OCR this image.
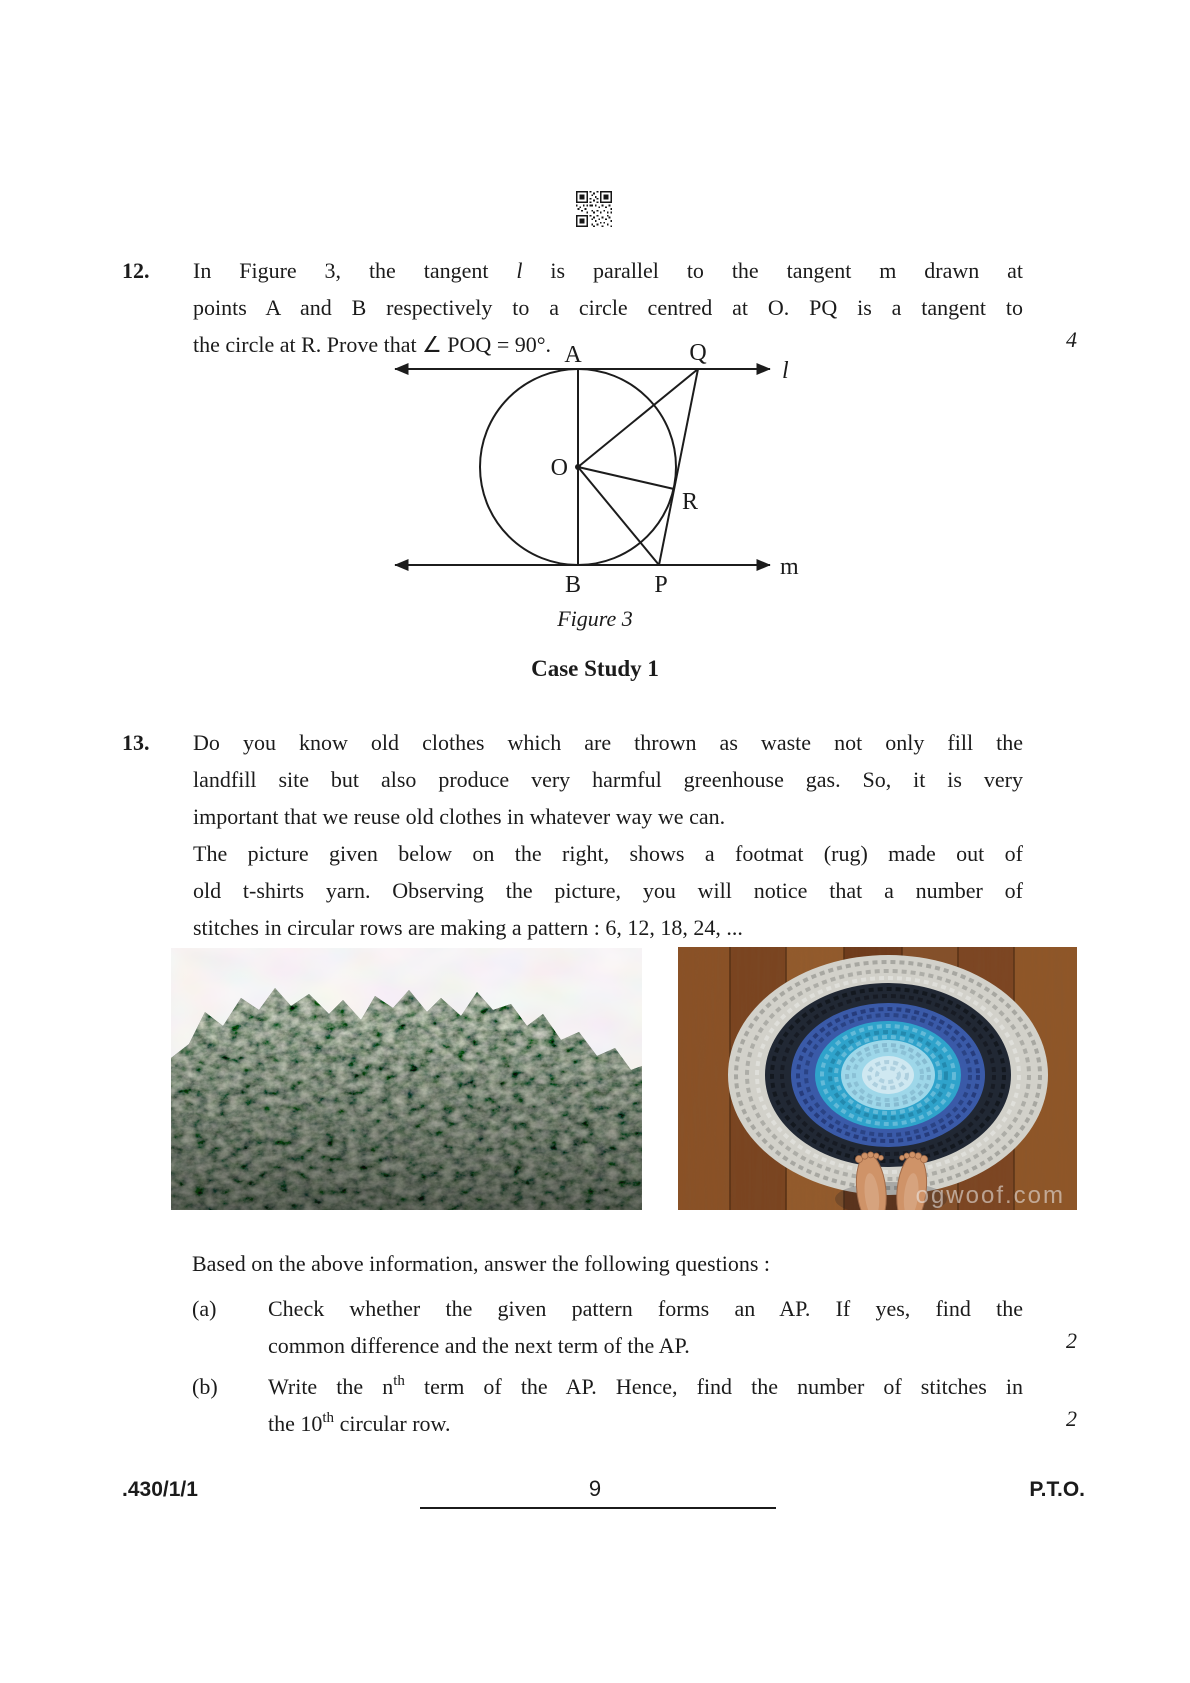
12. In Figure 3, the tangent l is parallel to the tangent m drawn at
points A and B respectively to a circle centred at O. PQ is a tangent to
the circle at R. Prove that ∠ POQ = 90°.	4
A	Q
l
O
R
B	P
m
Figure 3
Case Study 1
13. Do you know old clothes which are thrown as waste not only fill the
landfill site but also produce very harmful greenhouse gas. So, it is very
important that we reuse old clothes in whatever way we can.
The picture given below on the right, shows a footmat (rug) made out of
old t-shirts yarn. Observing the picture, you will notice that a number of
stitches in circular rows are making a pattern : 6, 12, 18, 24, ...
ogwoof.com
Based on the above information, answer the following questions :
(a) Check whether the given pattern forms an AP. If yes, find the
common difference and the next term of the AP.	2
(b) Write the $n^{th}$ term of the AP. Hence, find the number of stitches in
the 10th circular row.	2
.430/1/1	9	P.T.O.
